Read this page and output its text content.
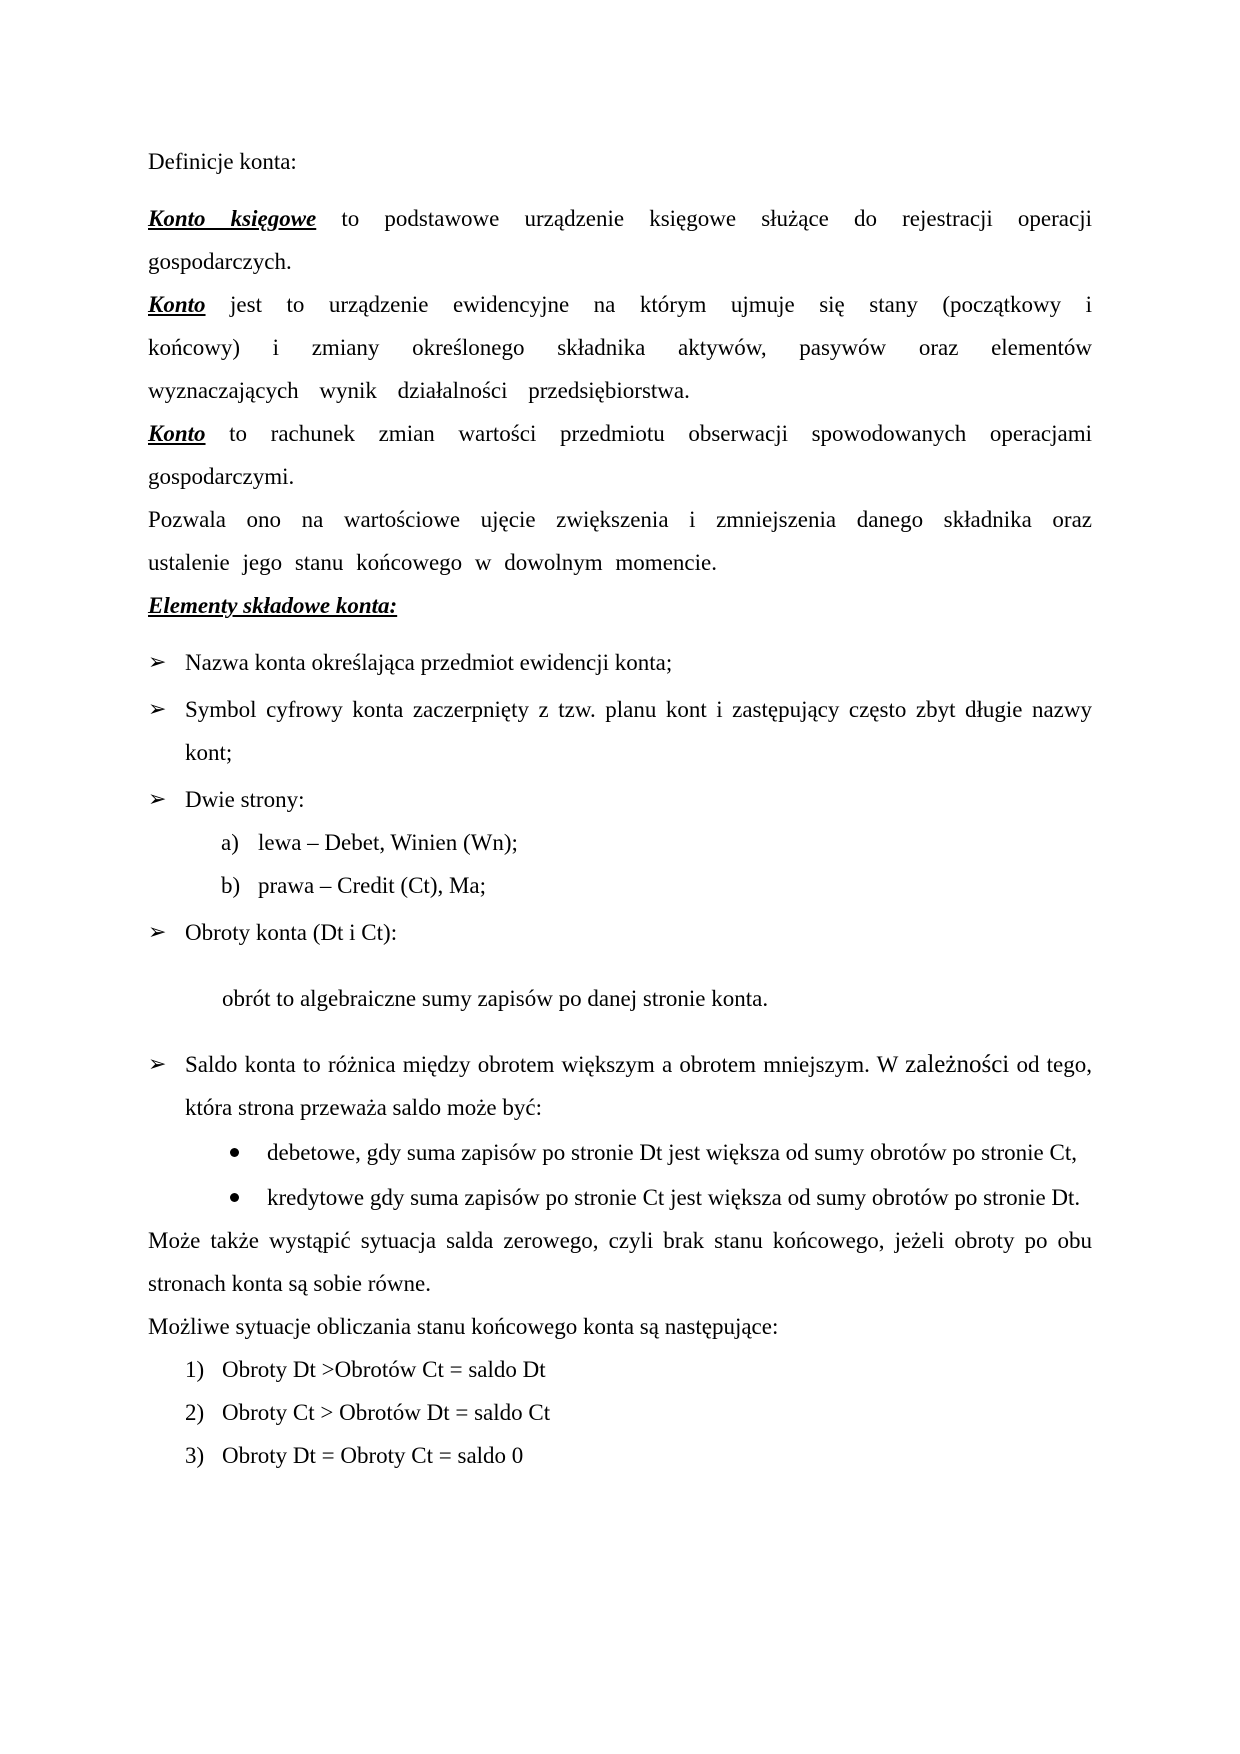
Definicje konta:

Konto księgowe to podstawowe urządzenie księgowe służące do rejestracji operacji gospodarczych.

Konto jest to urządzenie ewidencyjne na którym ujmuje się stany (początkowy i końcowy) i zmiany określonego składnika aktywów, pasywów oraz elementów wyznaczających wynik działalności przedsiębiorstwa.

Konto to rachunek zmian wartości przedmiotu obserwacji spowodowanych operacjami gospodarczymi.

Pozwala ono na wartościowe ujęcie zwiększenia i zmniejszenia danego składnika oraz ustalenie jego stanu końcowego w dowolnym momencie.

Elementy składowe konta:

➢ Nazwa konta określająca przedmiot ewidencji konta;
➢ Symbol cyfrowy konta zaczerpnięty z tzw. planu kont i zastępujący często zbyt długie nazwy kont;
➢ Dwie strony:
a) lewa – Debet, Winien (Wn);
b) prawa – Credit (Ct), Ma;
➢ Obroty konta (Dt i Ct):

obrót to algebraiczne sumy zapisów po danej stronie konta.

➢ Saldo konta to różnica między obrotem większym a obrotem mniejszym. W zależności od tego, która strona przeważa saldo może być:
debetowe, gdy suma zapisów po stronie Dt jest większa od sumy obrotów po stronie Ct,
kredytowe gdy suma zapisów po stronie Ct jest większa od sumy obrotów po stronie Dt.

Może także wystąpić sytuacja salda zerowego, czyli brak stanu końcowego, jeżeli obroty po obu stronach konta są sobie równe.

Możliwe sytuacje obliczania stanu końcowego konta są następujące:

1) Obroty Dt >Obrotów Ct = saldo Dt
2) Obroty Ct > Obrotów Dt = saldo Ct
3) Obroty Dt = Obroty Ct = saldo 0
